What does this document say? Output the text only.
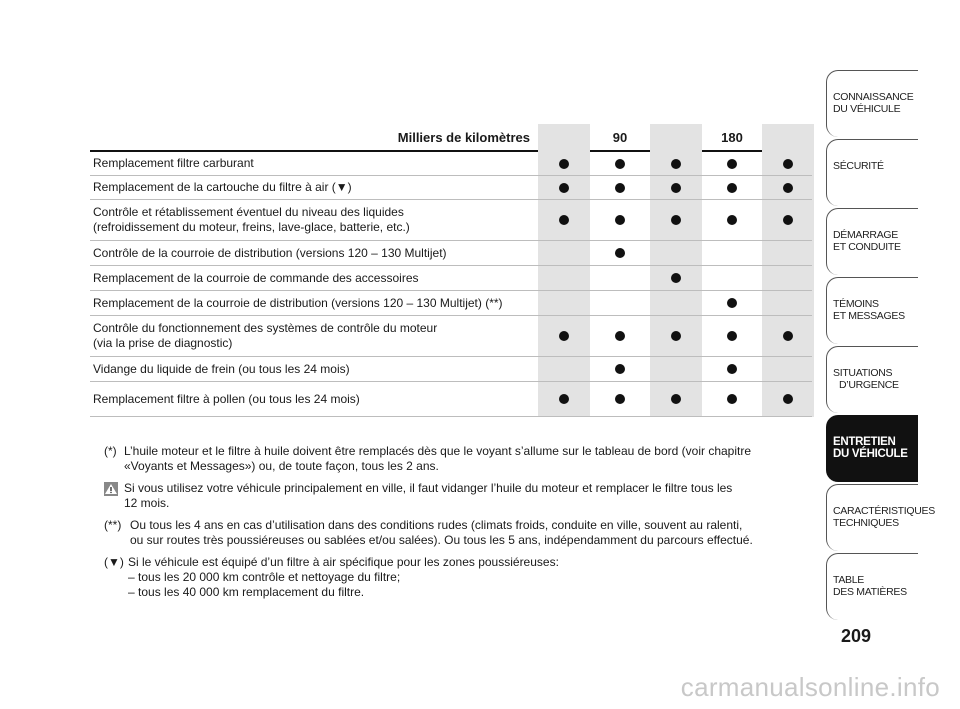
Milliers de kilomètres	90	180
Remplacement filtre carburant
Remplacement de la cartouche du filtre à air (▼)
Contrôle et rétablissement éventuel du niveau des liquides
(refroidissement du moteur, freins, lave-glace, batterie, etc.)
Contrôle de la courroie de distribution (versions 120 – 130 Multijet)
Remplacement de la courroie de commande des accessoires
Remplacement de la courroie de distribution (versions 120 – 130 Multijet) (**)
Contrôle du fonctionnement des systèmes de contrôle du moteur
(via la prise de diagnostic)
Vidange du liquide de frein (ou tous les 24 mois)
Remplacement filtre à pollen (ou tous les 24 mois)
(*) L’huile moteur et le filtre à huile doivent être remplacés dès que le voyant s’allume sur le tableau de bord (voir chapitre
«Voyants et Messages») ou, de toute façon, tous les 2 ans.
Si vous utilisez votre véhicule principalement en ville, il faut vidanger l’huile du moteur et remplacer le filtre tous les
12 mois.
(**) Ou tous les 4 ans en cas d’utilisation dans des conditions rudes (climats froids, conduite en ville, souvent au ralenti,
ou sur routes très poussiéreuses ou sablées et/ou salées). Ou tous les 5 ans, indépendamment du parcours effectué.
(▼) Si le véhicule est équipé d’un filtre à air spécifique pour les zones poussiéreuses:
– tous les 20 000 km contrôle et nettoyage du filtre;
– tous les 40 000 km remplacement du filtre.
CONNAISSANCE
DU VÉHICULE
SÉCURITÉ
DÉMARRAGE
ET CONDUITE
TÉMOINS
ET MESSAGES
SITUATIONS
D’URGENCE
ENTRETIEN
DU VÉHICULE
CARACTÉRISTIQUES
TECHNIQUES
TABLE
DES MATIÈRES
209
carmanualsonline.info
